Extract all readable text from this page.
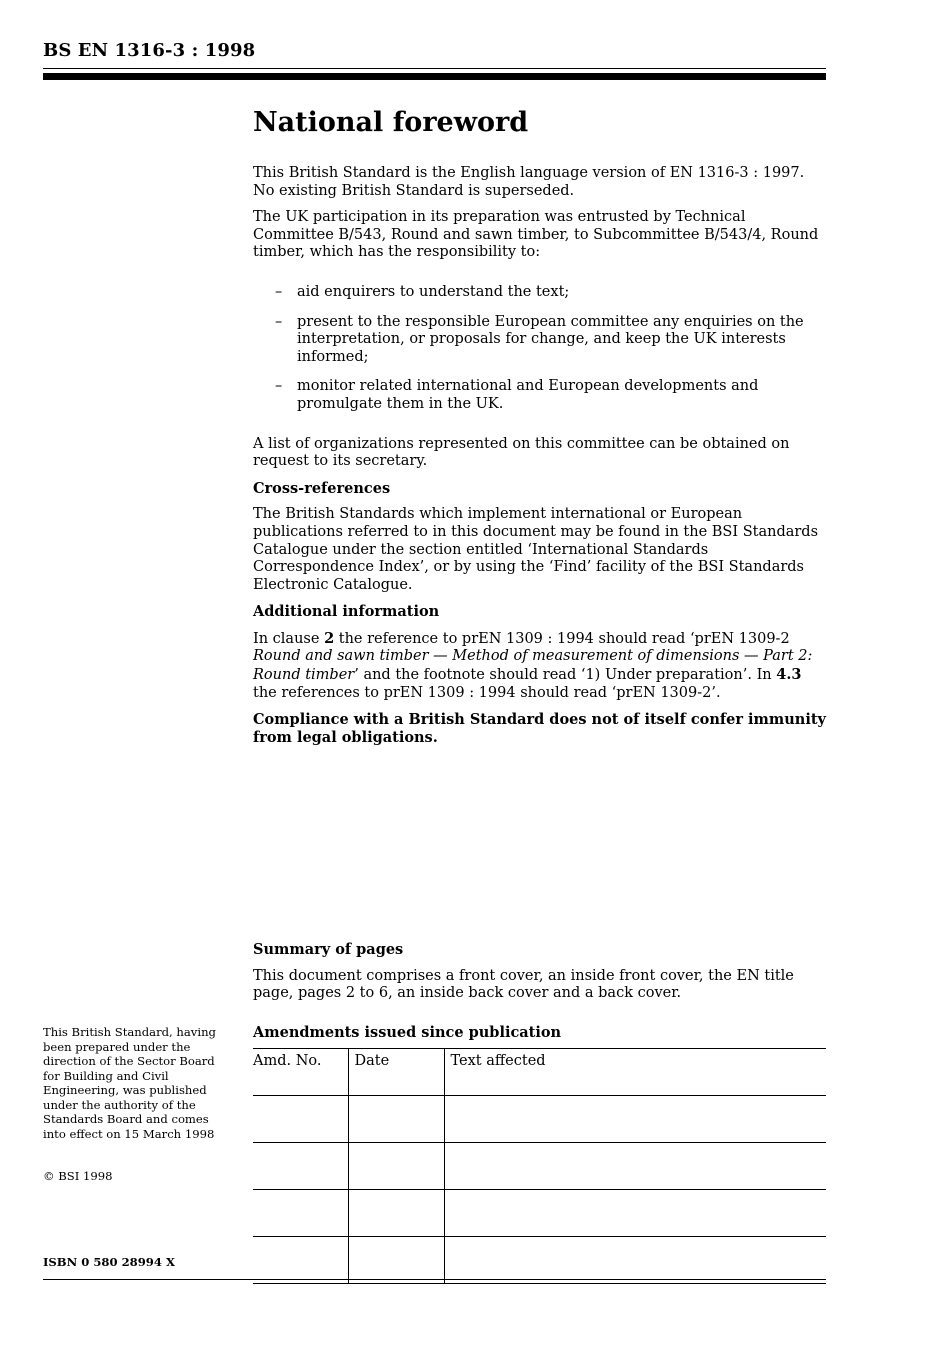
BS EN 1316-3 : 1998
National foreword

This British Standard is the English language version of EN 1316-3 : 1997. No existing British Standard is superseded.

The UK participation in its preparation was entrusted by Technical Committee B/543, Round and sawn timber, to Subcommittee B/543/4, Round timber, which has the responsibility to:

– aid enquirers to understand the text;
– present to the responsible European committee any enquiries on the interpretation, or proposals for change, and keep the UK interests informed;
– monitor related international and European developments and promulgate them in the UK.

A list of organizations represented on this committee can be obtained on request to its secretary.

Cross-references

The British Standards which implement international or European publications referred to in this document may be found in the BSI Standards Catalogue under the section entitled ‘International Standards Correspondence Index’, or by using the ‘Find’ facility of the BSI Standards Electronic Catalogue.

Additional information

In clause 2 the reference to prEN 1309 : 1994 should read ‘prEN 1309-2 Round and sawn timber — Method of measurement of dimensions — Part 2: Round timber’ and the footnote should read ‘1) Under preparation’. In 4.3 the references to prEN 1309 : 1994 should read ‘prEN 1309-2’.

Compliance with a British Standard does not of itself confer immunity from legal obligations.
Summary of pages

This document comprises a front cover, an inside front cover, the EN title page, pages 2 to 6, an inside back cover and a back cover.

This British Standard, having been prepared under the direction of the Sector Board for Building and Civil Engineering, was published under the authority of the Standards Board and comes into effect on 15 March 1998
© BSI 1998
ISBN 0 580 28994 X
Amendments issued since publication
Amd. No.	Date	Text affected
